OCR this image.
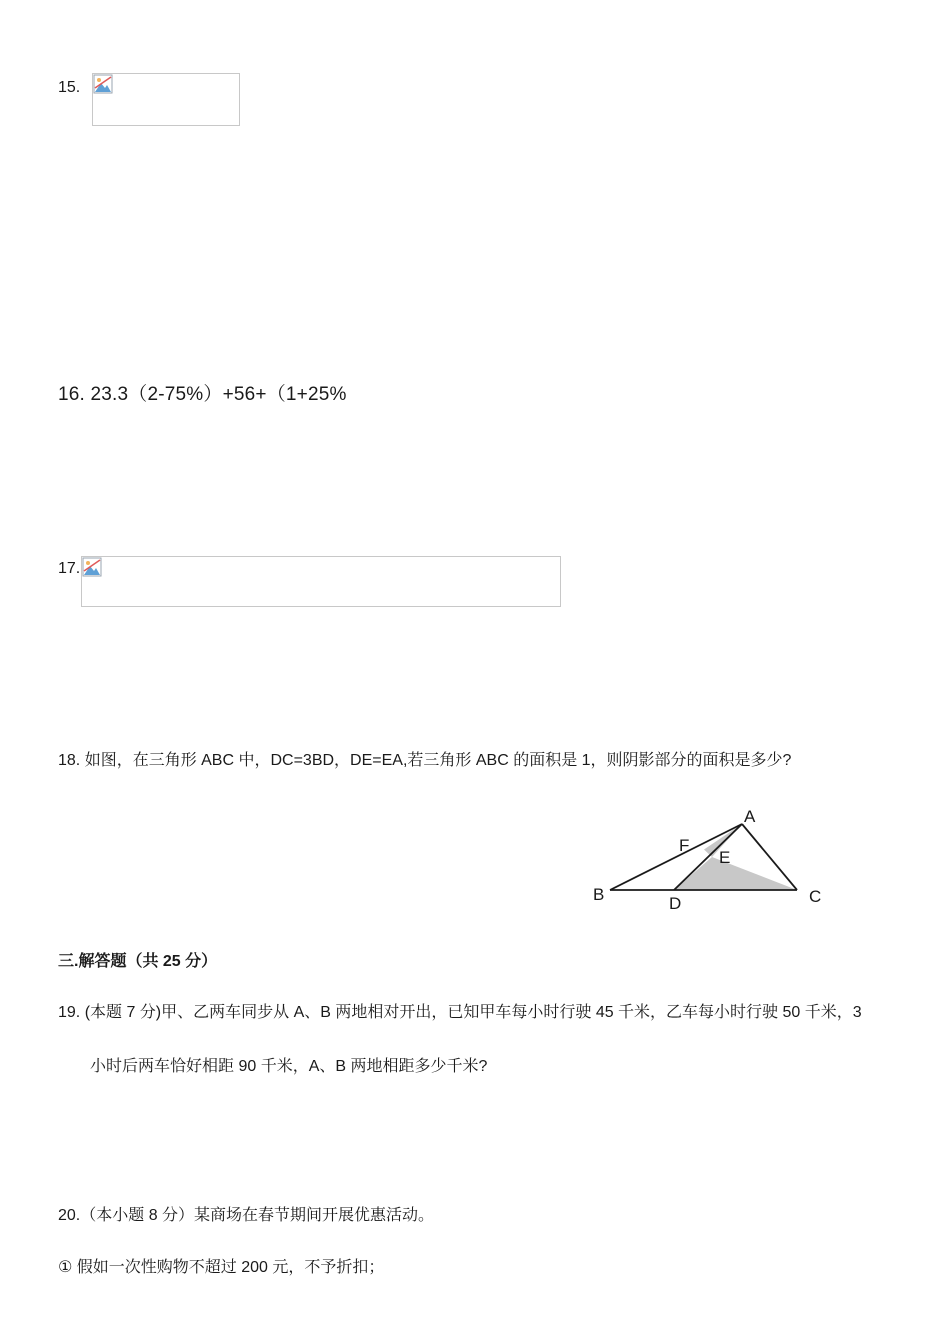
15.
16. 23.3（2-75%）+56+（1+25%
17.
18. 如图，在三角形 ABC 中，DC=3BD，DE=EA,若三角形 ABC 的面积是 1，则阴影部分的面积是多少?
A
B	C
D
E
F
三.解答题（共 25 分）
19. (本题 7 分)甲、乙两车同步从 A、B 两地相对开出，已知甲车每小时行驶 45 千米，乙车每小时行驶 50 千米，3
小时后两车恰好相距 90 千米，A、B 两地相距多少千米?
20.（本小题 8 分）某商场在春节期间开展优惠活动。
① 假如一次性购物不超过 200 元，不予折扣；
